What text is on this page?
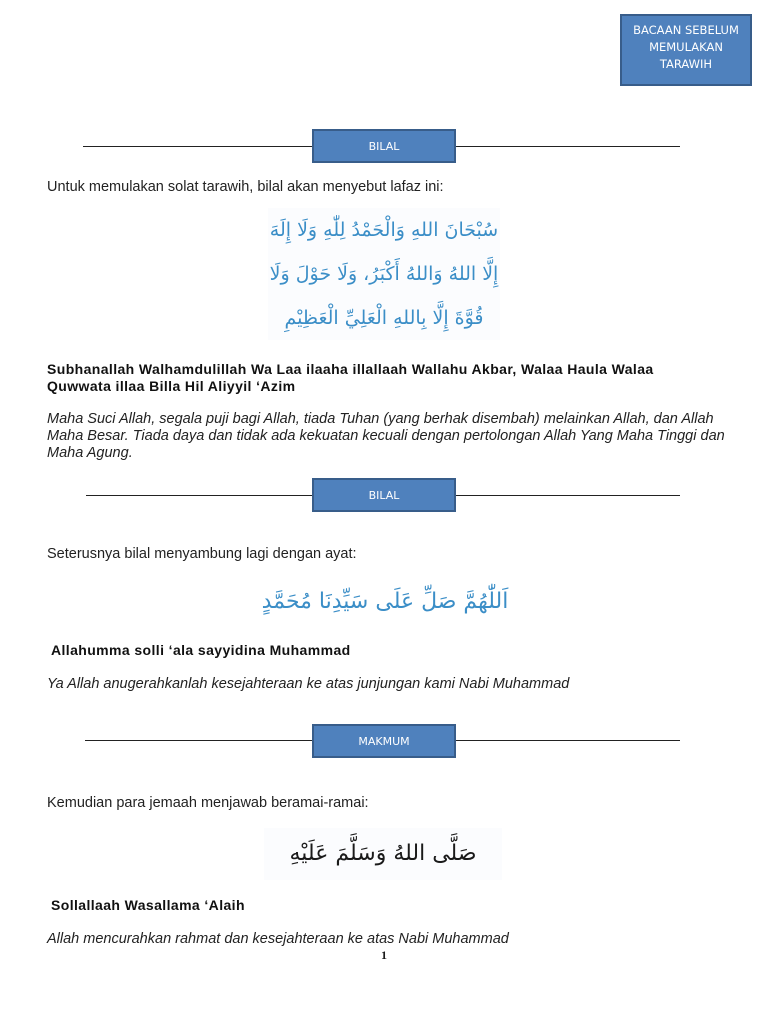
BACAAN SEBELUM
MEMULAKAN
TARAWIH
BILAL
Untuk memulakan solat tarawih, bilal akan menyebut lafaz ini:
سُبْحَانَ اللهِ وَالْحَمْدُ لِلّٰهِ وَلَا إِلَهَ
إِلَّا اللهُ وَاللهُ أَكْبَرُ، وَلَا حَوْلَ وَلَا
قُوَّةَ إِلَّا بِاللهِ الْعَلِيِّ الْعَظِيْمِ
Subhanallah Walhamdulillah Wa Laa ilaaha illallaah Wallahu Akbar, Walaa Haula Walaa Quwwata illaa Billa Hil Aliyyil ‘Azim
Maha Suci Allah, segala puji bagi Allah, tiada Tuhan (yang berhak disembah) melainkan Allah, dan Allah Maha Besar. Tiada daya dan tidak ada kekuatan kecuali dengan pertolongan Allah Yang Maha Tinggi dan Maha Agung.
BILAL
Seterusnya bilal menyambung lagi dengan ayat:
اَللّٰهُمَّ صَلِّ عَلَى سَيِّدِنَا مُحَمَّدٍ
Allahumma solli ‘ala sayyidina Muhammad
Ya Allah anugerahkanlah kesejahteraan ke atas junjungan kami Nabi Muhammad
MAKMUM
Kemudian para jemaah menjawab beramai-ramai:
صَلَّى اللهُ وَسَلَّمَ عَلَيْهِ
Sollallaah Wasallama ‘Alaih
Allah mencurahkan rahmat dan kesejahteraan ke atas Nabi Muhammad
1
